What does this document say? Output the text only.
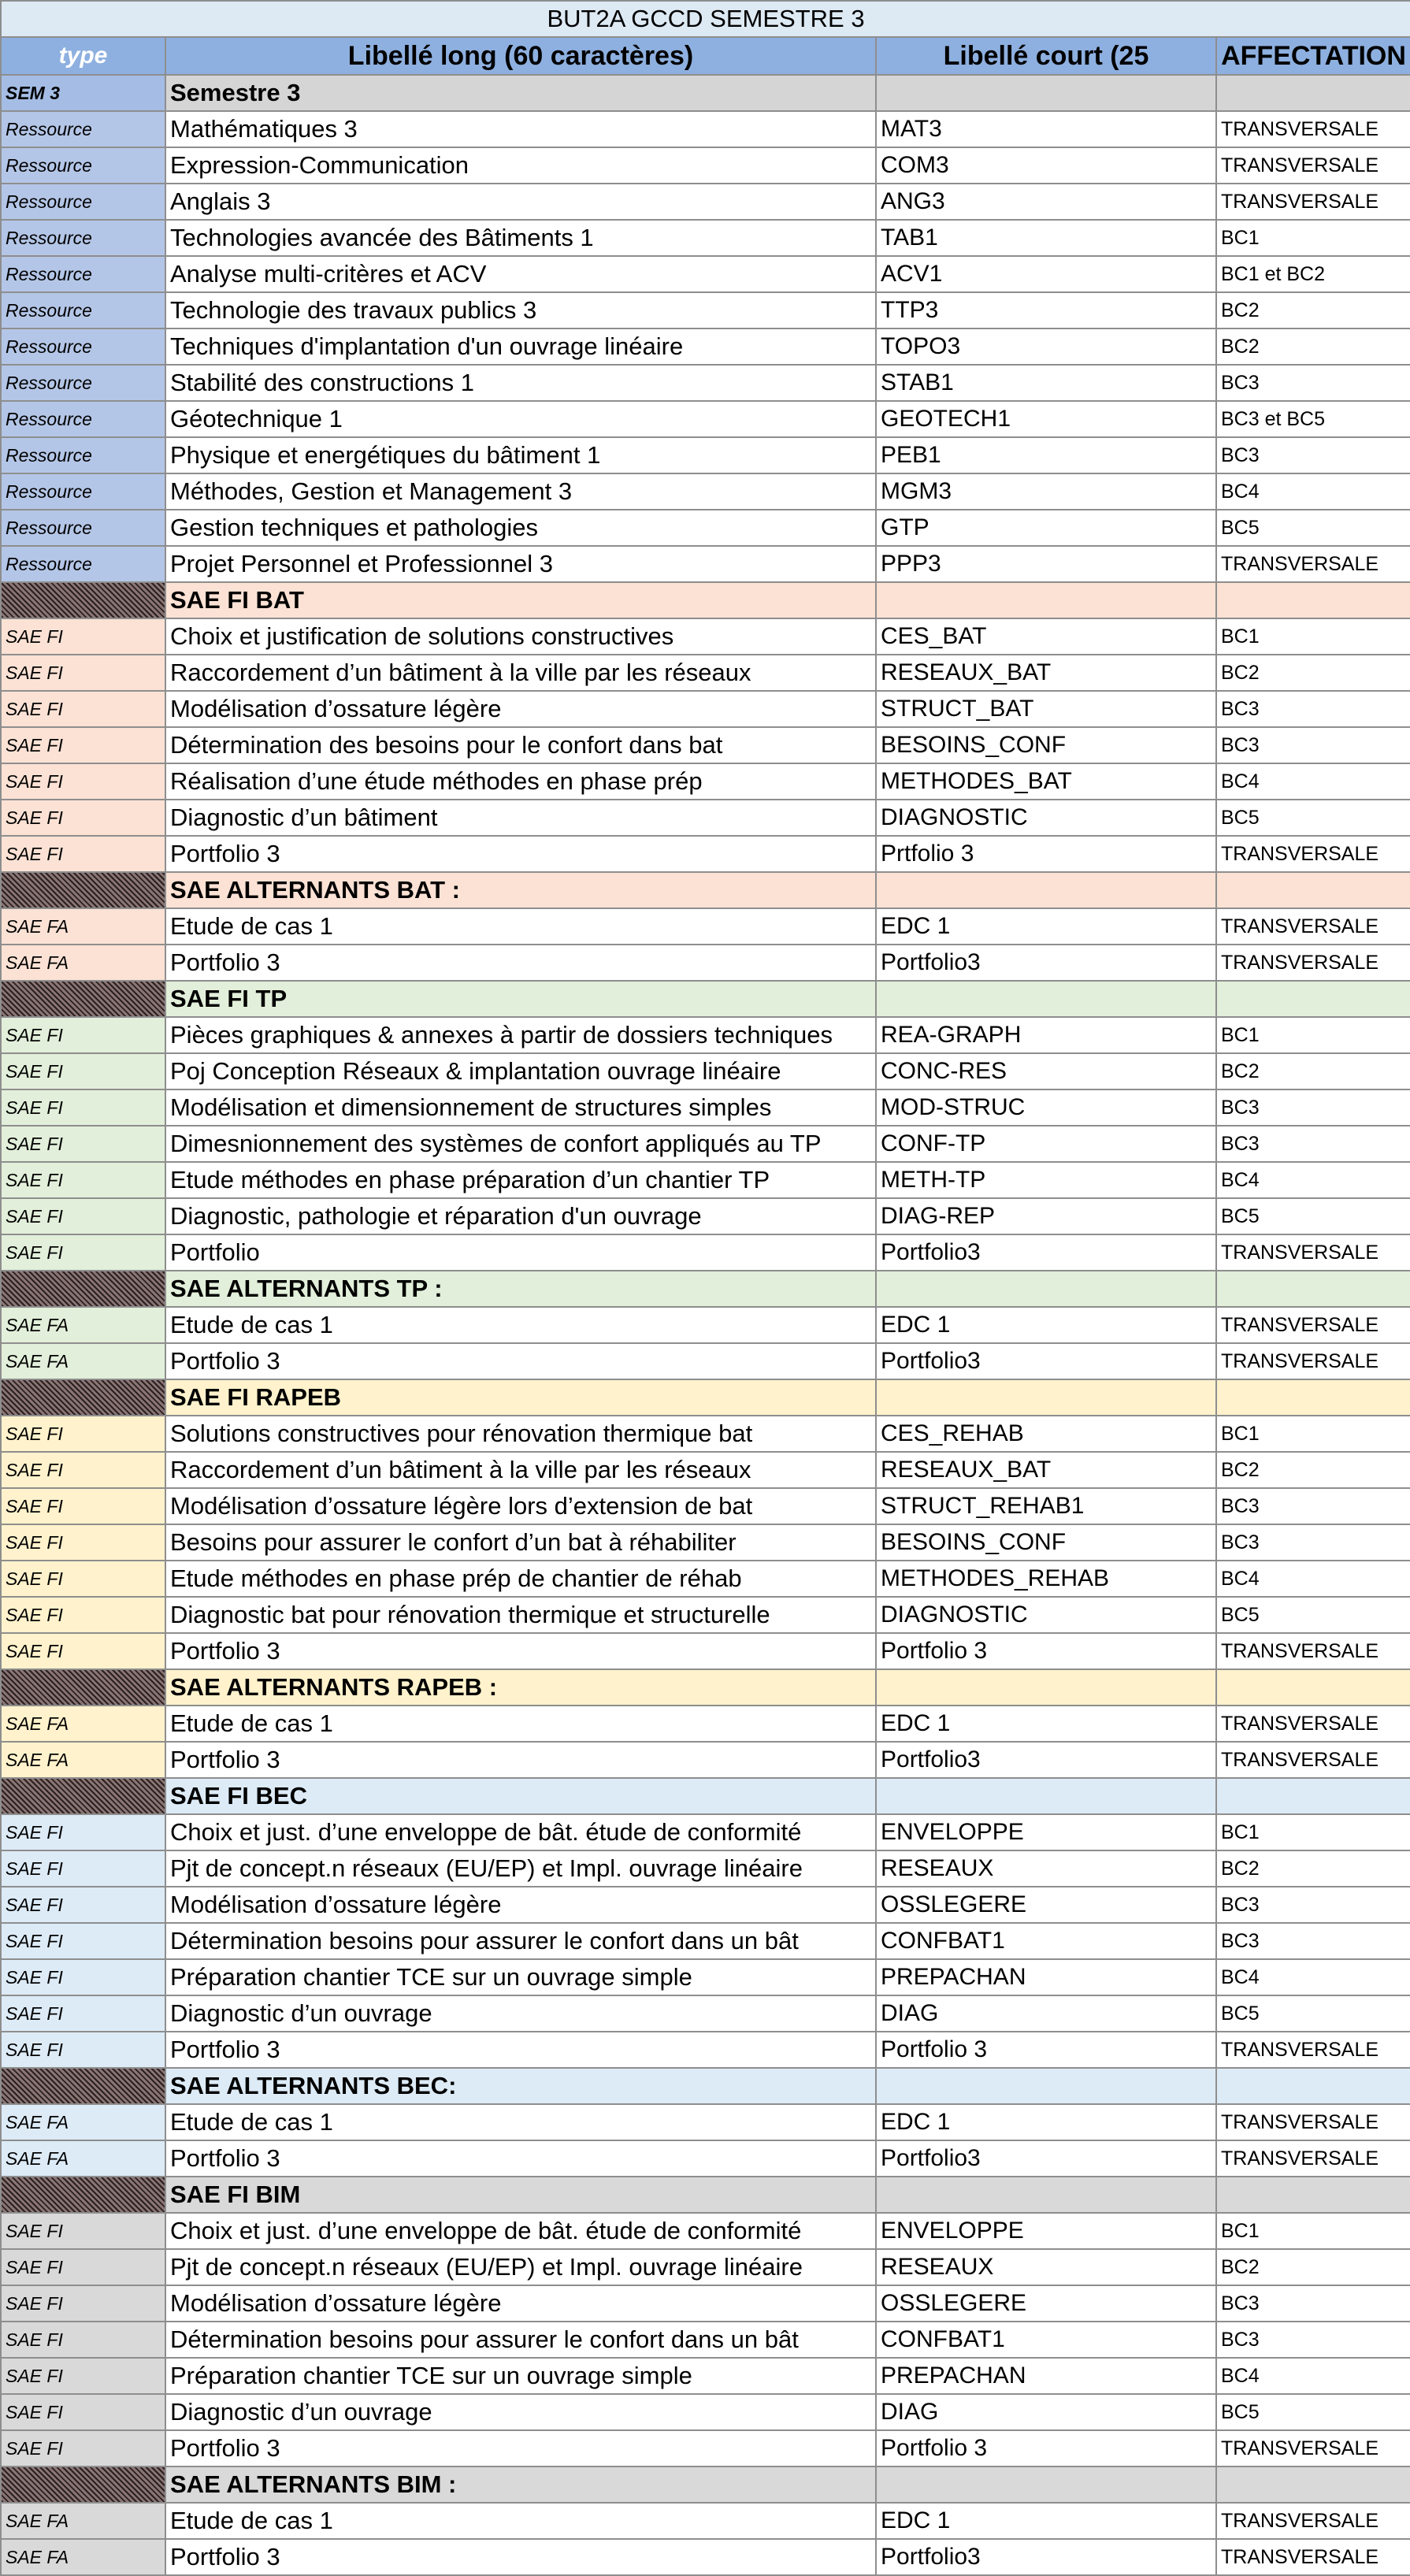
BUT2A GCCD SEMESTRE 3			
type	Libellé long (60 caractères)	Libellé court (25	AFFECTATION
SEM 3	Semestre 3		
Ressource	Mathématiques 3	MAT3	TRANSVERSALE
Ressource	Expression-Communication	COM3	TRANSVERSALE
Ressource	Anglais 3	ANG3	TRANSVERSALE
Ressource	Technologies avancée des Bâtiments 1	TAB1	BC1
Ressource	Analyse multi-critères et ACV	ACV1	BC1 et BC2
Ressource	Technologie des travaux publics 3	TTP3	BC2
Ressource	Techniques d'implantation d'un ouvrage linéaire	TOPO3	BC2
Ressource	Stabilité des constructions 1	STAB1	BC3
Ressource	Géotechnique 1	GEOTECH1	BC3 et BC5
Ressource	Physique et energétiques du bâtiment 1	PEB1	BC3
Ressource	Méthodes, Gestion et Management 3	MGM3	BC4
Ressource	Gestion techniques et pathologies	GTP	BC5
Ressource	Projet Personnel et Professionnel 3	PPP3	TRANSVERSALE
	SAE FI BAT		
SAE FI	Choix et justification de solutions constructives	CES_BAT	BC1
SAE FI	Raccordement d’un bâtiment à la ville par les réseaux	RESEAUX_BAT	BC2
SAE FI	Modélisation d’ossature légère	STRUCT_BAT	BC3
SAE FI	Détermination des besoins pour le confort dans bat	BESOINS_CONF	BC3
SAE FI	Réalisation d’une étude méthodes en phase prép	METHODES_BAT	BC4
SAE FI	Diagnostic d’un bâtiment	DIAGNOSTIC	BC5
SAE FI	Portfolio 3	Prtfolio 3	TRANSVERSALE
	SAE ALTERNANTS BAT :		
SAE FA	Etude de cas 1	EDC 1	TRANSVERSALE
SAE FA	Portfolio 3	Portfolio3	TRANSVERSALE
	SAE FI TP		
SAE FI	Pièces graphiques & annexes à partir de dossiers techniques	REA-GRAPH	BC1
SAE FI	Poj Conception Réseaux & implantation ouvrage linéaire	CONC-RES	BC2
SAE FI	Modélisation et dimensionnement de structures simples	MOD-STRUC	BC3
SAE FI	Dimesnionnement des systèmes de confort appliqués au TP	CONF-TP	BC3
SAE FI	Etude méthodes en phase préparation d’un chantier TP	METH-TP	BC4
SAE FI	Diagnostic, pathologie et réparation d'un ouvrage	DIAG-REP	BC5
SAE FI	Portfolio	Portfolio3	TRANSVERSALE
	SAE ALTERNANTS TP :		
SAE FA	Etude de cas 1	EDC 1	TRANSVERSALE
SAE FA	Portfolio 3	Portfolio3	TRANSVERSALE
	SAE FI RAPEB		
SAE FI	Solutions constructives pour rénovation thermique bat	CES_REHAB	BC1
SAE FI	Raccordement d’un bâtiment à la ville par les réseaux	RESEAUX_BAT	BC2
SAE FI	Modélisation d’ossature légère lors d’extension de bat	STRUCT_REHAB1	BC3
SAE FI	Besoins pour assurer le confort d’un bat à réhabiliter	BESOINS_CONF	BC3
SAE FI	Etude méthodes en phase prép de chantier de réhab	METHODES_REHAB	BC4
SAE FI	Diagnostic bat pour rénovation thermique et structurelle	DIAGNOSTIC	BC5
SAE FI	Portfolio 3	Portfolio 3	TRANSVERSALE
	SAE ALTERNANTS RAPEB :		
SAE FA	Etude de cas 1	EDC 1	TRANSVERSALE
SAE FA	Portfolio 3	Portfolio3	TRANSVERSALE
	SAE FI BEC		
SAE FI	Choix et just. d’une enveloppe de bât. étude de conformité	ENVELOPPE	BC1
SAE FI	Pjt de concept.n réseaux (EU/EP) et Impl. ouvrage linéaire	RESEAUX	BC2
SAE FI	Modélisation d’ossature légère	OSSLEGERE	BC3
SAE FI	Détermination besoins pour assurer le confort dans un bât	CONFBAT1	BC3
SAE FI	Préparation chantier TCE sur un ouvrage simple	PREPACHAN	BC4
SAE FI	Diagnostic d’un ouvrage	DIAG	BC5
SAE FI	Portfolio 3	Portfolio 3	TRANSVERSALE
	SAE ALTERNANTS BEC:		
SAE FA	Etude de cas 1	EDC 1	TRANSVERSALE
SAE FA	Portfolio 3	Portfolio3	TRANSVERSALE
	SAE FI BIM		
SAE FI	Choix et just. d’une enveloppe de bât. étude de conformité	ENVELOPPE	BC1
SAE FI	Pjt de concept.n réseaux (EU/EP) et Impl. ouvrage linéaire	RESEAUX	BC2
SAE FI	Modélisation d’ossature légère	OSSLEGERE	BC3
SAE FI	Détermination besoins pour assurer le confort dans un bât	CONFBAT1	BC3
SAE FI	Préparation chantier TCE sur un ouvrage simple	PREPACHAN	BC4
SAE FI	Diagnostic d’un ouvrage	DIAG	BC5
SAE FI	Portfolio 3	Portfolio 3	TRANSVERSALE
	SAE ALTERNANTS BIM :		
SAE FA	Etude de cas 1	EDC 1	TRANSVERSALE
SAE FA	Portfolio 3	Portfolio3	TRANSVERSALE
